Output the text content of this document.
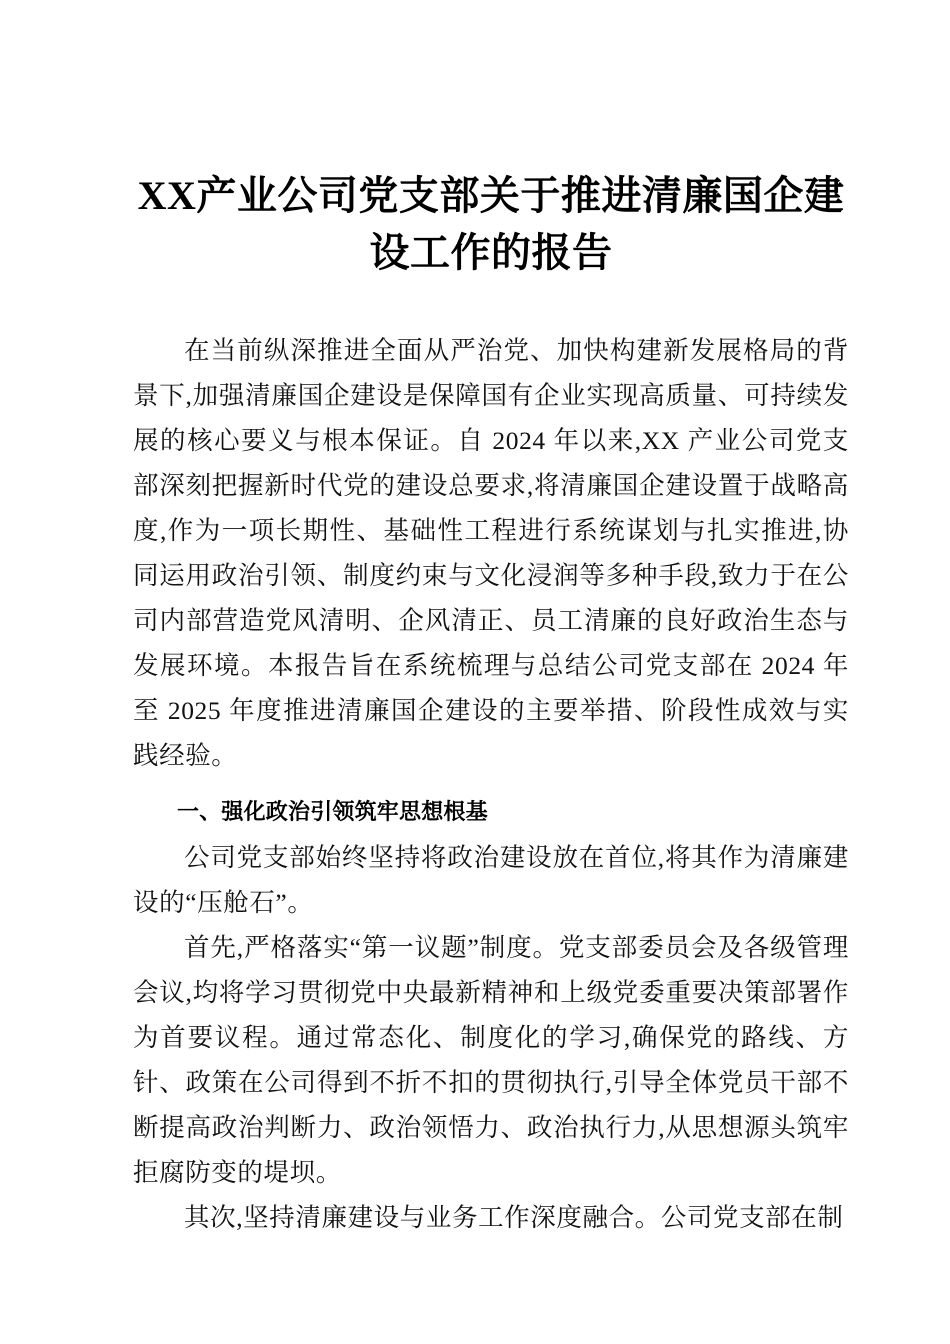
XX产业公司党支部关于推进清廉国企建设工作的报告

在当前纵深推进全面从严治党、加快构建新发展格局的背景下,加强清廉国企建设是保障国有企业实现高质量、可持续发展的核心要义与根本保证。自 2024 年以来,XX 产业公司党支部深刻把握新时代党的建设总要求,将清廉国企建设置于战略高度,作为一项长期性、基础性工程进行系统谋划与扎实推进,协同运用政治引领、制度约束与文化浸润等多种手段,致力于在公司内部营造党风清明、企风清正、员工清廉的良好政治生态与发展环境。本报告旨在系统梳理与总结公司党支部在 2024 年至 2025 年度推进清廉国企建设的主要举措、阶段性成效与实践经验。

一、强化政治引领筑牢思想根基

公司党支部始终坚持将政治建设放在首位,将其作为清廉建设的“压舱石”。

首先,严格落实“第一议题”制度。党支部委员会及各级管理会议,均将学习贯彻党中央最新精神和上级党委重要决策部署作为首要议程。通过常态化、制度化的学习,确保党的路线、方针、政策在公司得到不折不扣的贯彻执行,引导全体党员干部不断提高政治判断力、政治领悟力、政治执行力,从思想源头筑牢拒腐防变的堤坝。

其次,坚持清廉建设与业务工作深度融合。公司党支部在制
